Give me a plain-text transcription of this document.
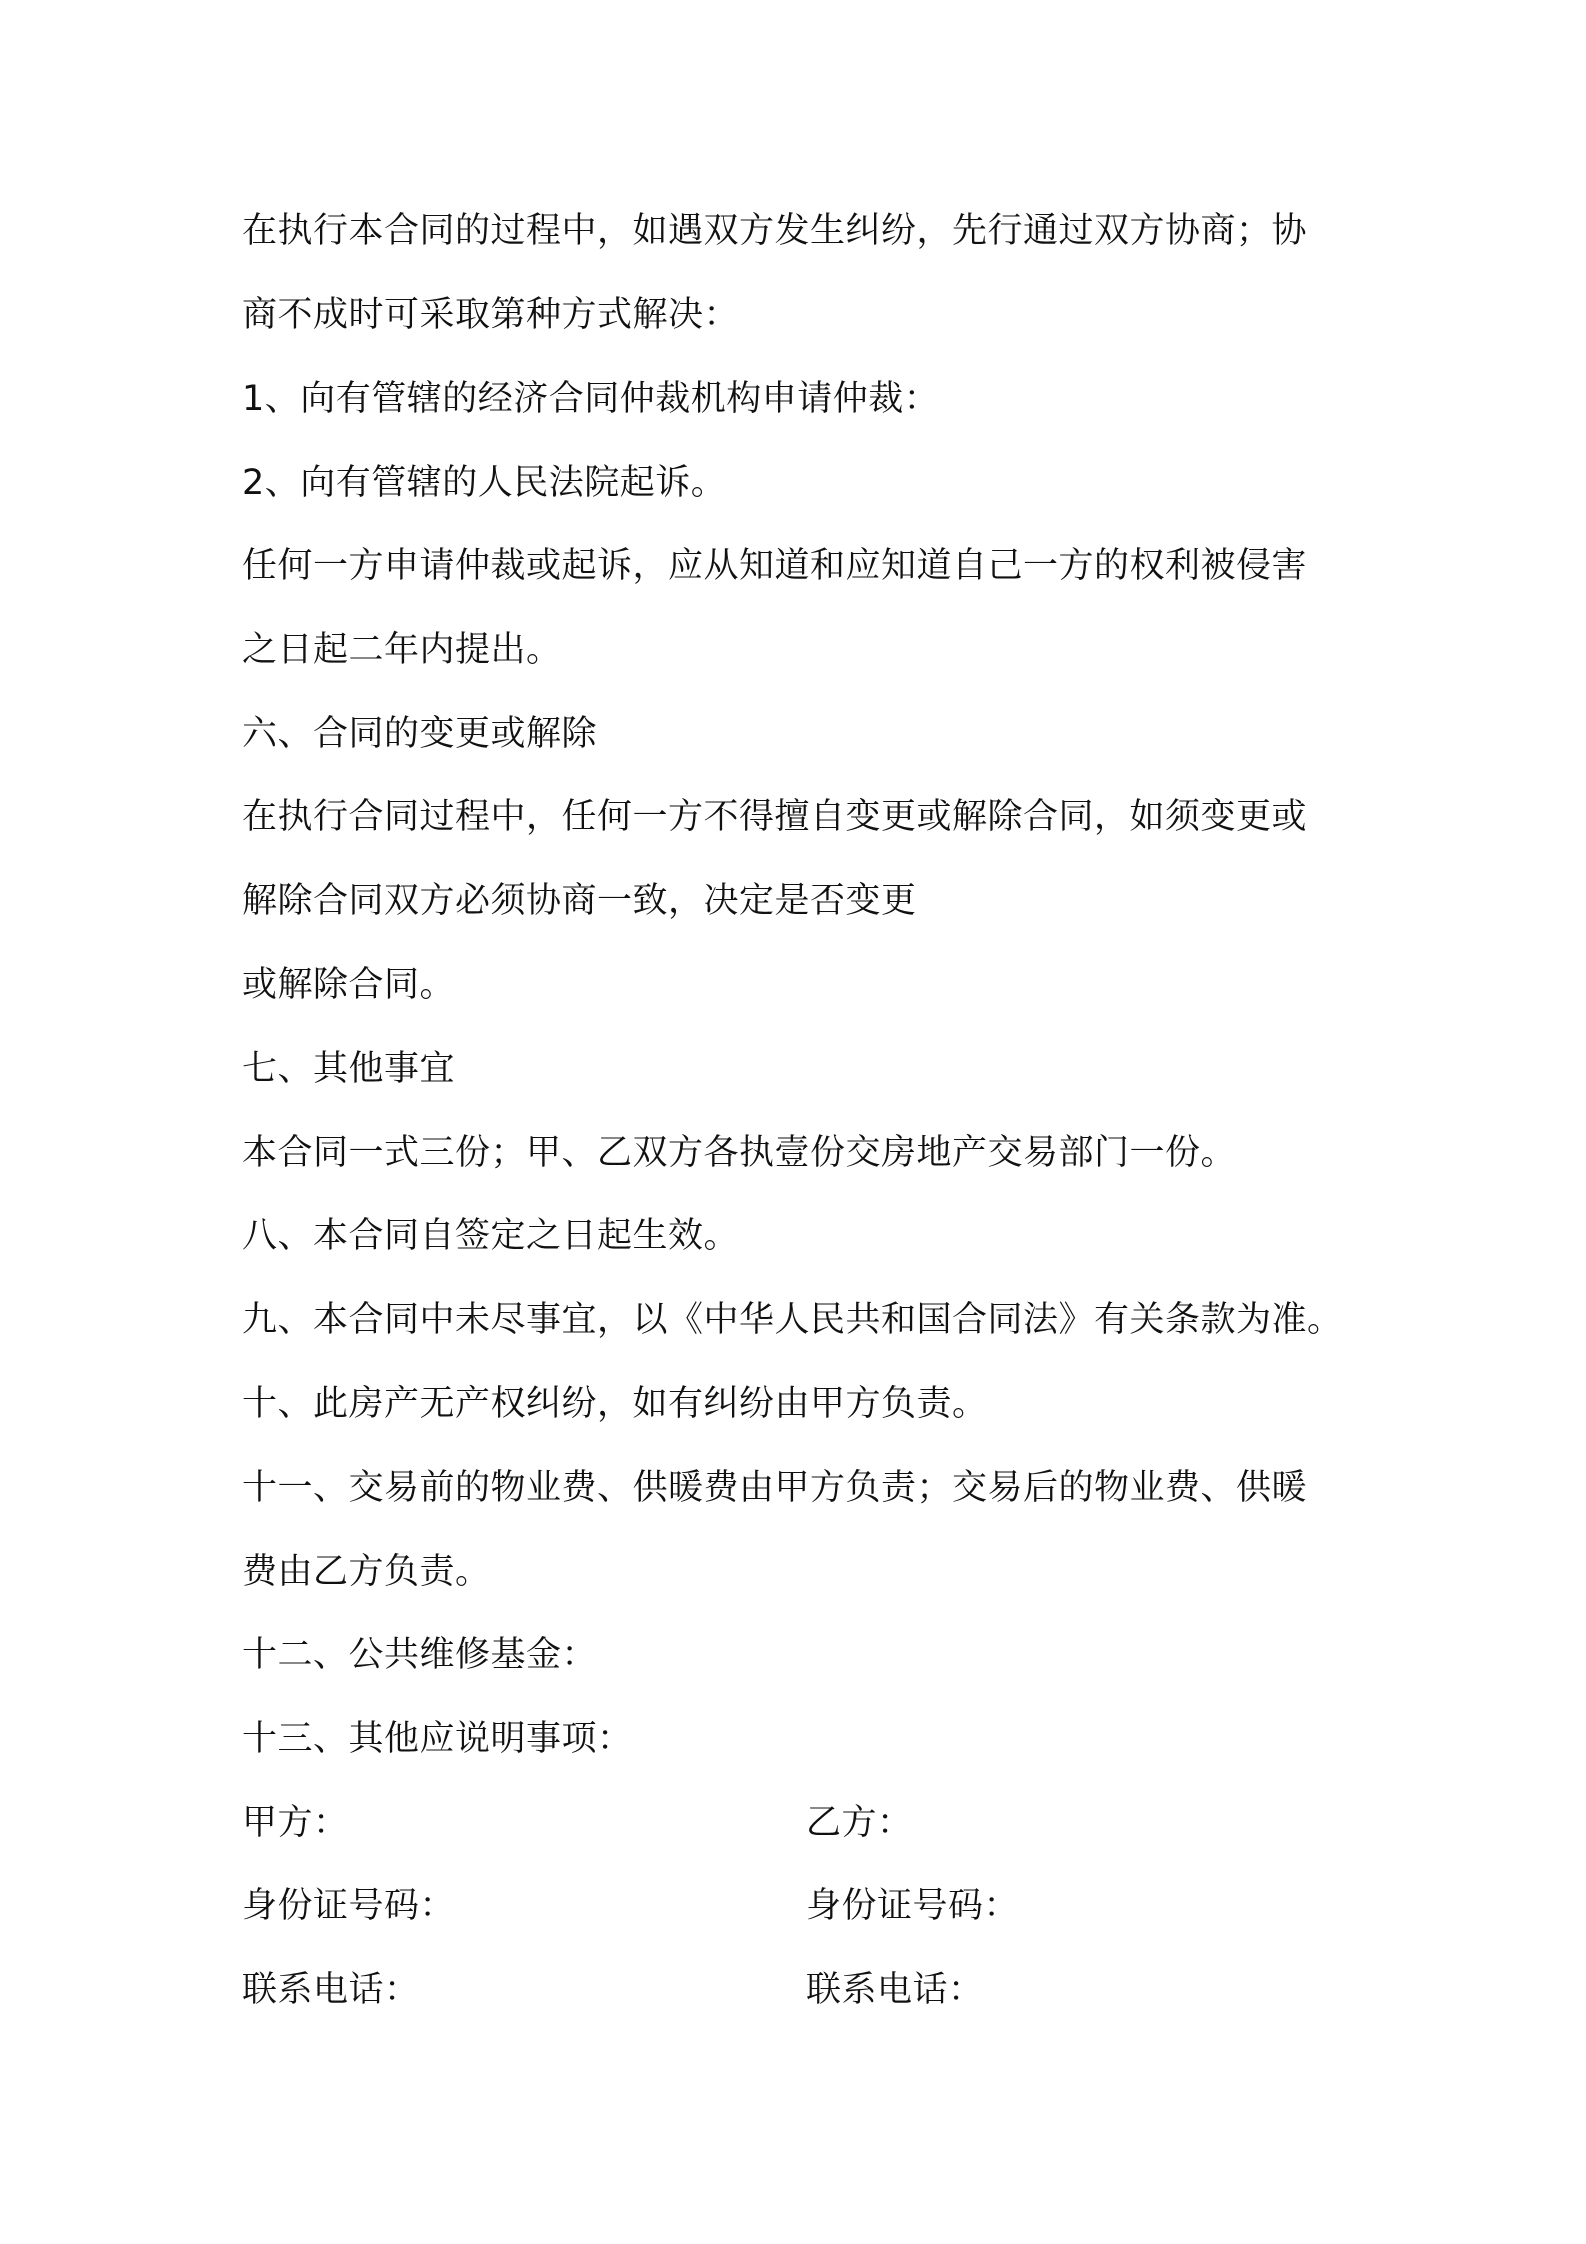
在执行本合同的过程中，如遇双方发生纠纷，先行通过双方协商；协
商不成时可采取第种方式解决：
1、向有管辖的经济合同仲裁机构申请仲裁：
2、向有管辖的人民法院起诉。
任何一方申请仲裁或起诉，应从知道和应知道自己一方的权利被侵害
之日起二年内提出。
六、合同的变更或解除
在执行合同过程中，任何一方不得擅自变更或解除合同，如须变更或
解除合同双方必须协商一致，决定是否变更
或解除合同。
七、其他事宜
本合同一式三份；甲、乙双方各执壹份交房地产交易部门一份。
八、本合同自签定之日起生效。
九、本合同中未尽事宜，以《中华人民共和国合同法》有关条款为准。
十、此房产无产权纠纷，如有纠纷由甲方负责。
十一、交易前的物业费、供暖费由甲方负责；交易后的物业费、供暖
费由乙方负责。
十二、公共维修基金：
十三、其他应说明事项：
甲方：	乙方：
身份证号码：	身份证号码：
联系电话：	联系电话：
